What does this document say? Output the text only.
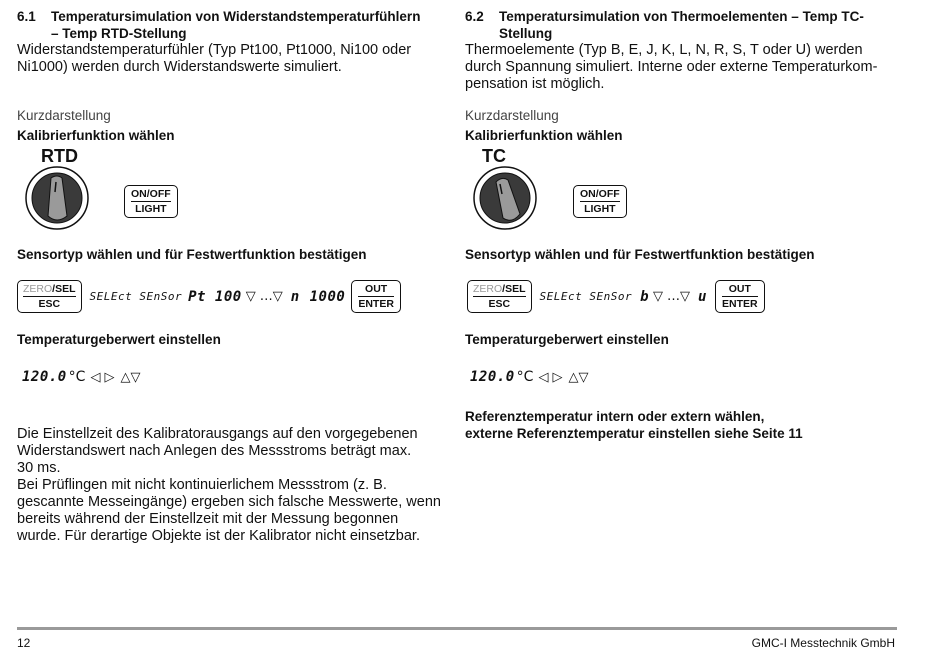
6.1	Temperatursimulation von Widerstandstemperaturfühlern
– Temp RTD-Stellung
Widerstandstemperaturfühler (Typ Pt100, Pt1000, Ni100 oder
Ni1000) werden durch Widerstandswerte simuliert.
Kurzdarstellung
Kalibrierfunktion wählen
RTD
ON/OFF
LIGHT
Sensortyp wählen und für Festwertfunktion bestätigen
ZERO/SEL
ESC
SELEct SEnSor Pt 100 ▽ … ▽ n 1000	OUT
ENTER
Temperaturgeberwert einstellen
120.0 °C ◁ ▷ △ ▽
Die Einstellzeit des Kalibratorausgangs auf den vorgegebenen
Widerstandswert nach Anlegen des Messstroms beträgt max.
30 ms.
Bei Prüflingen mit nicht kontinuierlichem Messstrom (z. B.
gescannte Messeingänge) ergeben sich falsche Messwerte, wenn
bereits während der Einstellzeit mit der Messung begonnen
wurde. Für derartige Objekte ist der Kalibrator nicht einsetzbar.
6.2	Temperatursimulation von Thermoelementen – Temp TC-Stellung
Thermoelemente (Typ B, E, J, K, L, N, R, S, T oder U) werden
durch Spannung simuliert. Interne oder externe Temperaturkom-
pensation ist möglich.
Kurzdarstellung
Kalibrierfunktion wählen
TC
ON/OFF
LIGHT
Sensortyp wählen und für Festwertfunktion bestätigen
ZERO/SEL
ESC
SELEct SEnSor b ▽ … ▽ u	OUT
ENTER
Temperaturgeberwert einstellen
120.0 °C ◁ ▷ △ ▽
Referenztemperatur intern oder extern wählen,
externe Referenztemperatur einstellen siehe Seite 11
12	GMC-I Messtechnik GmbH
